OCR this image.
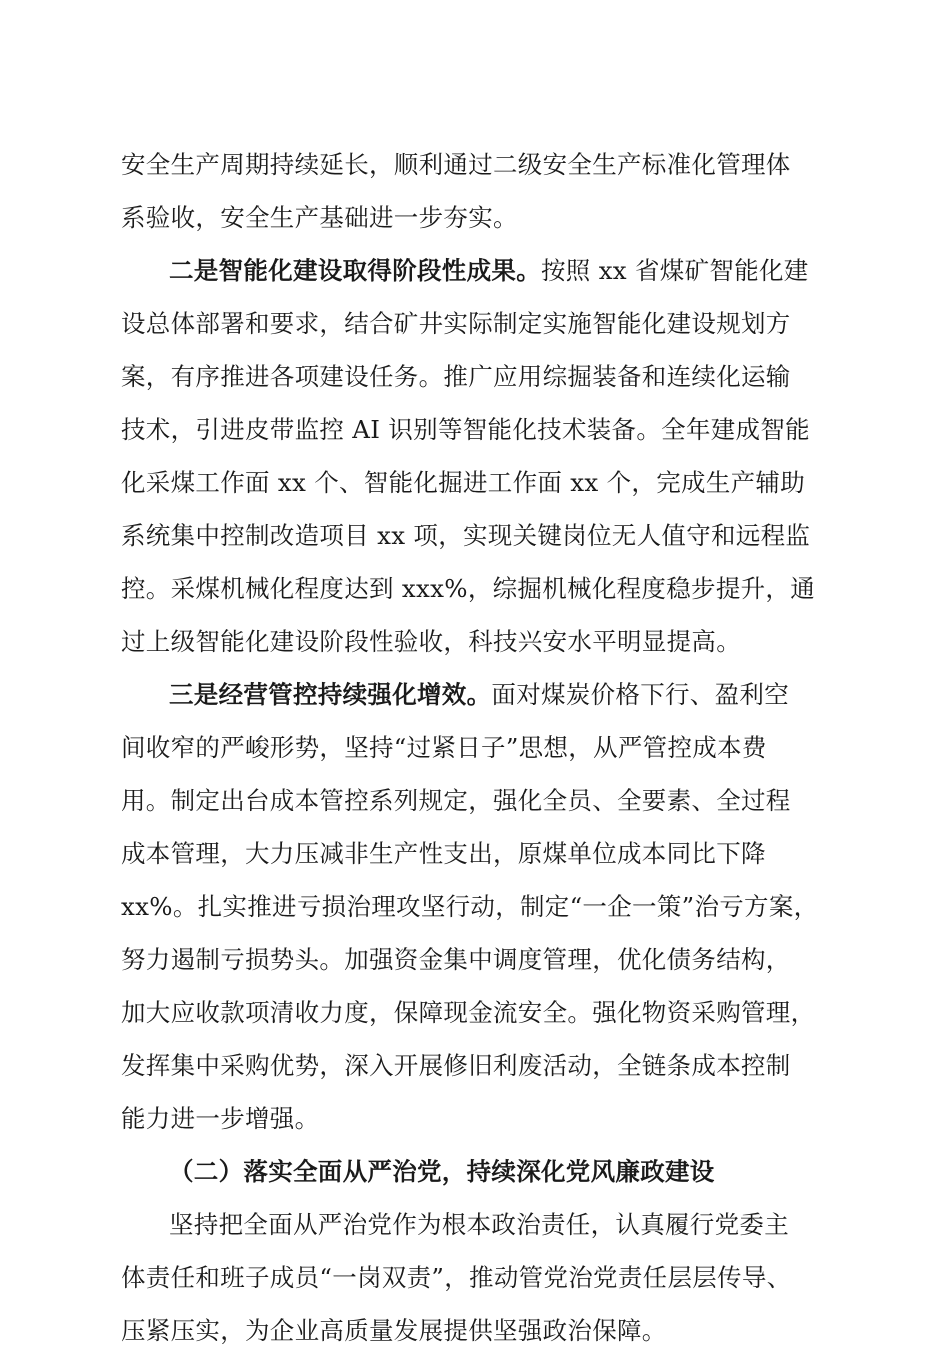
安全生产周期持续延长，顺利通过二级安全生产标准化管理体
系验收，安全生产基础进一步夯实。
二是智能化建设取得阶段性成果。按照 xx 省煤矿智能化建
设总体部署和要求，结合矿井实际制定实施智能化建设规划方
案，有序推进各项建设任务。推广应用综掘装备和连续化运输
技术，引进皮带监控 AI 识别等智能化技术装备。全年建成智能
化采煤工作面 xx 个、智能化掘进工作面 xx 个，完成生产辅助
系统集中控制改造项目 xx 项，实现关键岗位无人值守和远程监
控。采煤机械化程度达到 xxx%，综掘机械化程度稳步提升，通
过上级智能化建设阶段性验收，科技兴安水平明显提高。
三是经营管控持续强化增效。面对煤炭价格下行、盈利空
间收窄的严峻形势，坚持“过紧日子”思想，从严管控成本费
用。制定出台成本管控系列规定，强化全员、全要素、全过程
成本管理，大力压减非生产性支出，原煤单位成本同比下降
xx%。扎实推进亏损治理攻坚行动，制定“一企一策”治亏方案，
努力遏制亏损势头。加强资金集中调度管理，优化债务结构，
加大应收款项清收力度，保障现金流安全。强化物资采购管理，
发挥集中采购优势，深入开展修旧利废活动，全链条成本控制
能力进一步增强。
（二）落实全面从严治党，持续深化党风廉政建设
坚持把全面从严治党作为根本政治责任，认真履行党委主
体责任和班子成员“一岗双责”，推动管党治党责任层层传导、
压紧压实，为企业高质量发展提供坚强政治保障。
